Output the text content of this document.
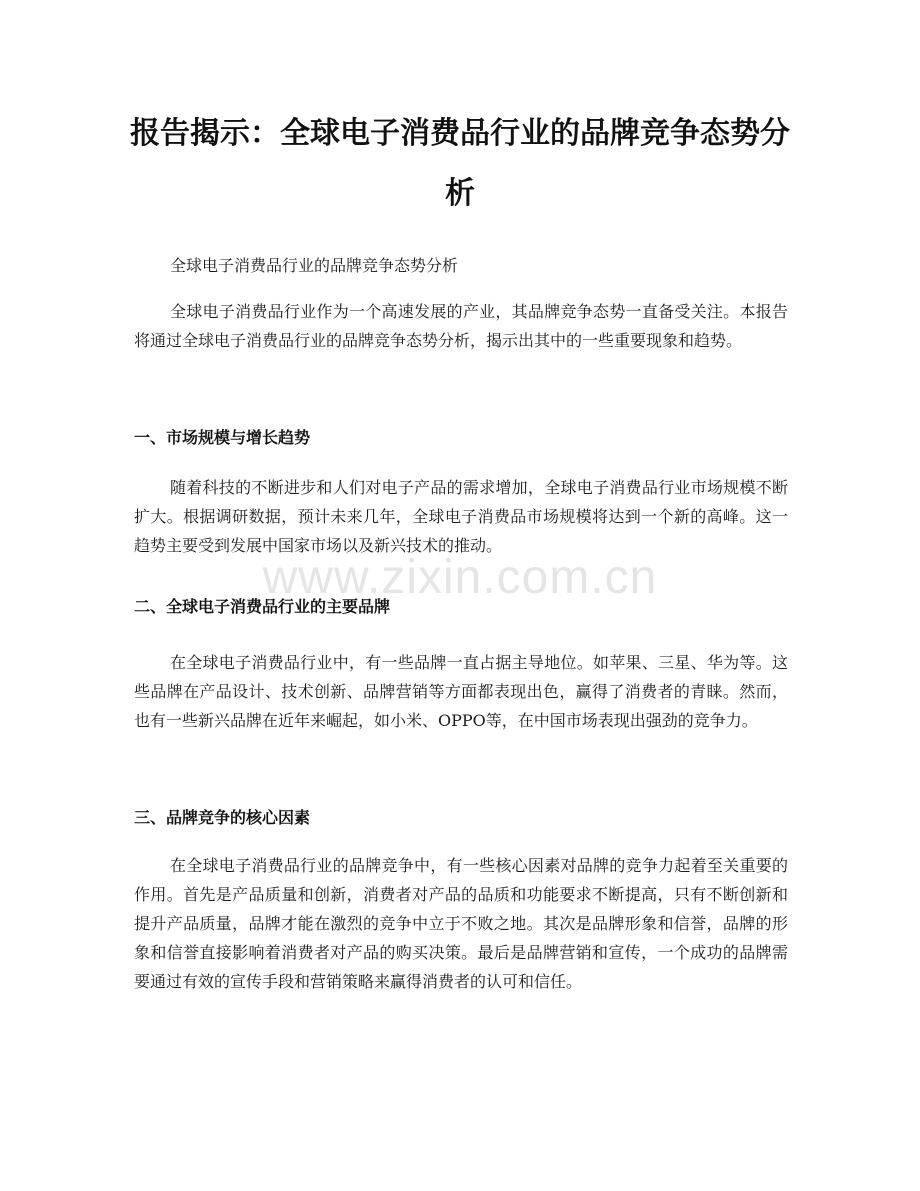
报告揭示：全球电子消费品行业的品牌竞争态势分析

全球电子消费品行业的品牌竞争态势分析

全球电子消费品行业作为一个高速发展的产业，其品牌竞争态势一直备受关注。本报告将通过全球电子消费品行业的品牌竞争态势分析，揭示出其中的一些重要现象和趋势。

一、市场规模与增长趋势

随着科技的不断进步和人们对电子产品的需求增加，全球电子消费品行业市场规模不断扩大。根据调研数据，预计未来几年，全球电子消费品市场规模将达到一个新的高峰。这一趋势主要受到发展中国家市场以及新兴技术的推动。

二、全球电子消费品行业的主要品牌

在全球电子消费品行业中，有一些品牌一直占据主导地位。如苹果、三星、华为等。这些品牌在产品设计、技术创新、品牌营销等方面都表现出色，赢得了消费者的青睐。然而，也有一些新兴品牌在近年来崛起，如小米、OPPO等，在中国市场表现出强劲的竞争力。

三、品牌竞争的核心因素

在全球电子消费品行业的品牌竞争中，有一些核心因素对品牌的竞争力起着至关重要的作用。首先是产品质量和创新，消费者对产品的品质和功能要求不断提高，只有不断创新和提升产品质量，品牌才能在激烈的竞争中立于不败之地。其次是品牌形象和信誉，品牌的形象和信誉直接影响着消费者对产品的购买决策。最后是品牌营销和宣传，一个成功的品牌需要通过有效的宣传手段和营销策略来赢得消费者的认可和信任。

www.zixin.com.cn
